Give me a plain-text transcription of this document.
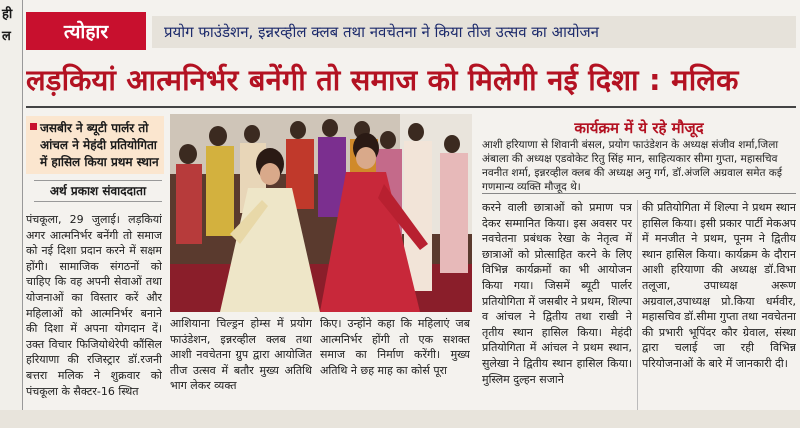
ही
ल	त्योहार	प्रयोग फाउंडेशन, इन्नरव्हील क्लब तथा नवचेतना ने किया तीज उत्सव का आयोजन
लड़कियां आत्मनिर्भर बनेंगी तो समाज को मिलेगी नई दिशा : मलिक
जसबीर ने ब्यूटी पार्लर तो आंचल ने मेहंदी प्रतियोगिता में हासिल किया प्रथम स्थान
अर्थ प्रकाश संवाददाता
पंचकूला, 29 जुलाई। लड़कियां अगर आत्मनिर्भर बनेंगी तो समाज को नई दिशा प्रदान करने में सक्षम होंगी। सामाजिक संगठनों को चाहिए कि वह अपनी सेवाओं तथा योजनाओं का विस्तार करें और महिलाओं को आत्मनिर्भर बनाने की दिशा में अपना योगदान दें। उक्त विचार फिजियोथेरेपी कौंसिल हरियाणा की रजिस्ट्रार डॉ.रजनी बत्तरा मलिक ने शुक्रवार को पंचकूला के सैक्टर-16 स्थित
आशियाना चिल्ड्रन होम्स में प्रयोग फाउंडेशन, इन्नरव्हील क्लब तथा आशी नवचेतना ग्रुप द्वारा आयोजित तीज उत्सव में बतौर मुख्य अतिथि भाग लेकर व्यक्त
किए। उन्होंने कहा कि महिलाएं जब आत्मनिर्भर होंगी तो एक सशक्त समाज का निर्माण करेंगी। मुख्य अतिथि ने छह माह का कोर्स पूरा
कार्यक्रम में ये रहे मौजूद
आशी हरियाणा से शिवानी बंसल, प्रयोग फाउंडेशन के अध्यक्ष संजीव शर्मा,जिला अंबाला की अध्यक्ष एडवोकेट रितु सिंह मान, साहित्यकार सीमा गुप्ता, महासचिव नवनीत शर्मा, इन्नरव्हील क्लब की अध्यक्ष अनु गर्ग, डॉ.अंजलि अग्रवाल समेत कई गणमान्य व्यक्ति मौजूद थे।
करने वाली छात्राओं को प्रमाण पत्र देकर सम्मानित किया। इस अवसर पर नवचेतना प्रबंधक रेखा के नेतृत्व में छात्राओं को प्रोत्साहित करने के लिए विभिन्न कार्यक्रमों का भी आयोजन किया गया। जिसमें ब्यूटी पार्लर प्रतियोगिता में जसबीर ने प्रथम, शिल्पा व आंचल ने द्वितीय तथा राखी ने तृतीय स्थान हासिल किया। मेहंदी प्रतियोगिता में आंचल ने प्रथम स्थान, सुलेखा ने द्वितीय स्थान हासिल किया। मुस्लिम दुल्हन सजाने
की प्रतियोगिता में शिल्पा ने प्रथम स्थान हासिल किया। इसी प्रकार पार्टी मेकअप में मनजीत ने प्रथम, पूनम ने द्वितीय स्थान हासिल किया। कार्यक्रम के दौरान आशी हरियाणा की अध्यक्ष डॉ.विभा तलूजा, उपाध्यक्ष अरूण अग्रवाल,उपाध्यक्ष प्रो.किया धर्मवीर, महासचिव डॉ.सीमा गुप्ता तथा नवचेतना की प्रभारी भूपिंदर कौर ग्रेवाल, संस्था द्वारा चलाई जा रही विभिन्न परियोजनाओं के बारे में जानकारी दी।
